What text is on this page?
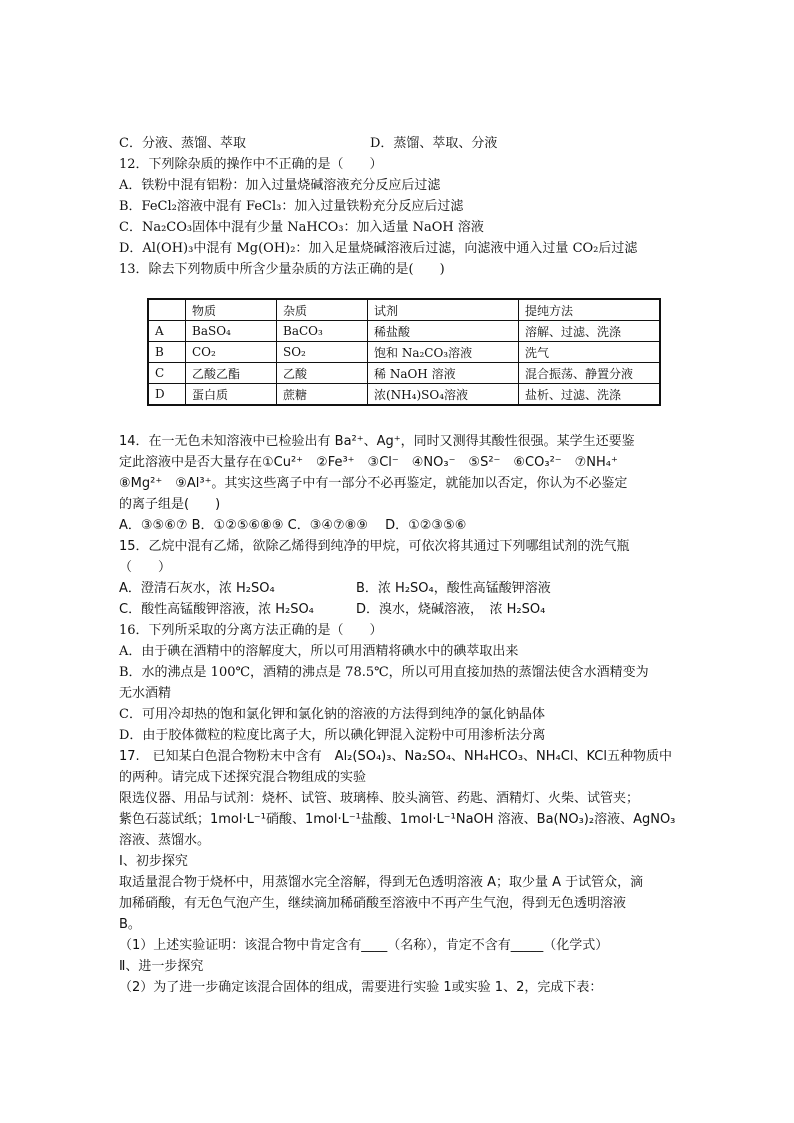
C．分液、蒸馏、萃取	D．蒸馏、萃取、分液
12．下列除杂质的操作中不正确的是（　　）
A．铁粉中混有铝粉：加入过量烧碱溶液充分反应后过滤
B．FeCl₂溶液中混有 FeCl₃：加入过量铁粉充分反应后过滤
C．Na₂CO₃固体中混有少量 NaHCO₃：加入适量 NaOH 溶液
D．Al(OH)₃中混有 Mg(OH)₂：加入足量烧碱溶液后过滤，向滤液中通入过量 CO₂后过滤
13．除去下列物质中所含少量杂质的方法正确的是(　　)
	物质	杂质	试剂	提纯方法
A	BaSO₄	BaCO₃	稀盐酸	溶解、过滤、洗涤
B	CO₂	SO₂	饱和 Na₂CO₃溶液	洗气
C	乙酸乙酯	乙酸	稀 NaOH 溶液	混合振荡、静置分液
D	蛋白质	蔗糖	浓(NH₄)SO₄溶液	盐析、过滤、洗涤
14．在一无色未知溶液中已检验出有 Ba²⁺、Ag⁺，同时又测得其酸性很强。某学生还要鉴
定此溶液中是否大量存在①Cu²⁺　②Fe³⁺　③Cl⁻　④NO₃⁻　⑤S²⁻　⑥CO₃²⁻　⑦NH₄⁺
⑧Mg²⁺　⑨Al³⁺。其实这些离子中有一部分不必再鉴定，就能加以否定，你认为不必鉴定
的离子组是(　　)
A．③⑤⑥⑦ B．①②⑤⑥⑧⑨ C．③④⑦⑧⑨　 D．①②③⑤⑥
15．乙烷中混有乙烯，欲除乙烯得到纯净的甲烷，可依次将其通过下列哪组试剂的洗气瓶
（　　）
A．澄清石灰水，浓 H₂SO₄	B．浓 H₂SO₄，酸性高锰酸钾溶液
C．酸性高锰酸钾溶液，浓 H₂SO₄	D．溴水，烧碱溶液，　浓 H₂SO₄
16．下列所采取的分离方法正确的是（　　）
A．由于碘在酒精中的溶解度大，所以可用酒精将碘水中的碘萃取出来
B．水的沸点是 100℃，酒精的沸点是 78.5℃，所以可用直接加热的蒸馏法使含水酒精变为
无水酒精
C．可用冷却热的饱和氯化钾和氯化钠的溶液的方法得到纯净的氯化钠晶体
D．由于胶体微粒的粒度比离子大，所以碘化钾混入淀粉中可用渗析法分离
17.　已知某白色混合物粉末中含有　Al₂(SO₄)₃、Na₂SO₄、NH₄HCO₃、NH₄Cl、KCl五种物质中
的两种。请完成下述探究混合物组成的实验
限选仪器、用品与试剂：烧杯、试管、玻璃棒、胶头滴管、药匙、酒精灯、火柴、试管夹；
紫色石蕊试纸；1mol·L⁻¹硝酸、1mol·L⁻¹盐酸、1mol·L⁻¹NaOH 溶液、Ba(NO₃)₂溶液、AgNO₃
溶液、蒸馏水。
Ⅰ、初步探究
取适量混合物于烧杯中，用蒸馏水完全溶解，得到无色透明溶液 A；取少量 A 于试管众，滴
加稀硝酸，有无色气泡产生，继续滴加稀硝酸至溶液中不再产生气泡，得到无色透明溶液
B。
（1）上述实验证明：该混合物中肯定含有____（名称），肯定不含有_____（化学式）
Ⅱ、进一步探究
（2）为了进一步确定该混合固体的组成，需要进行实验 1或实验 1、2，完成下表：
